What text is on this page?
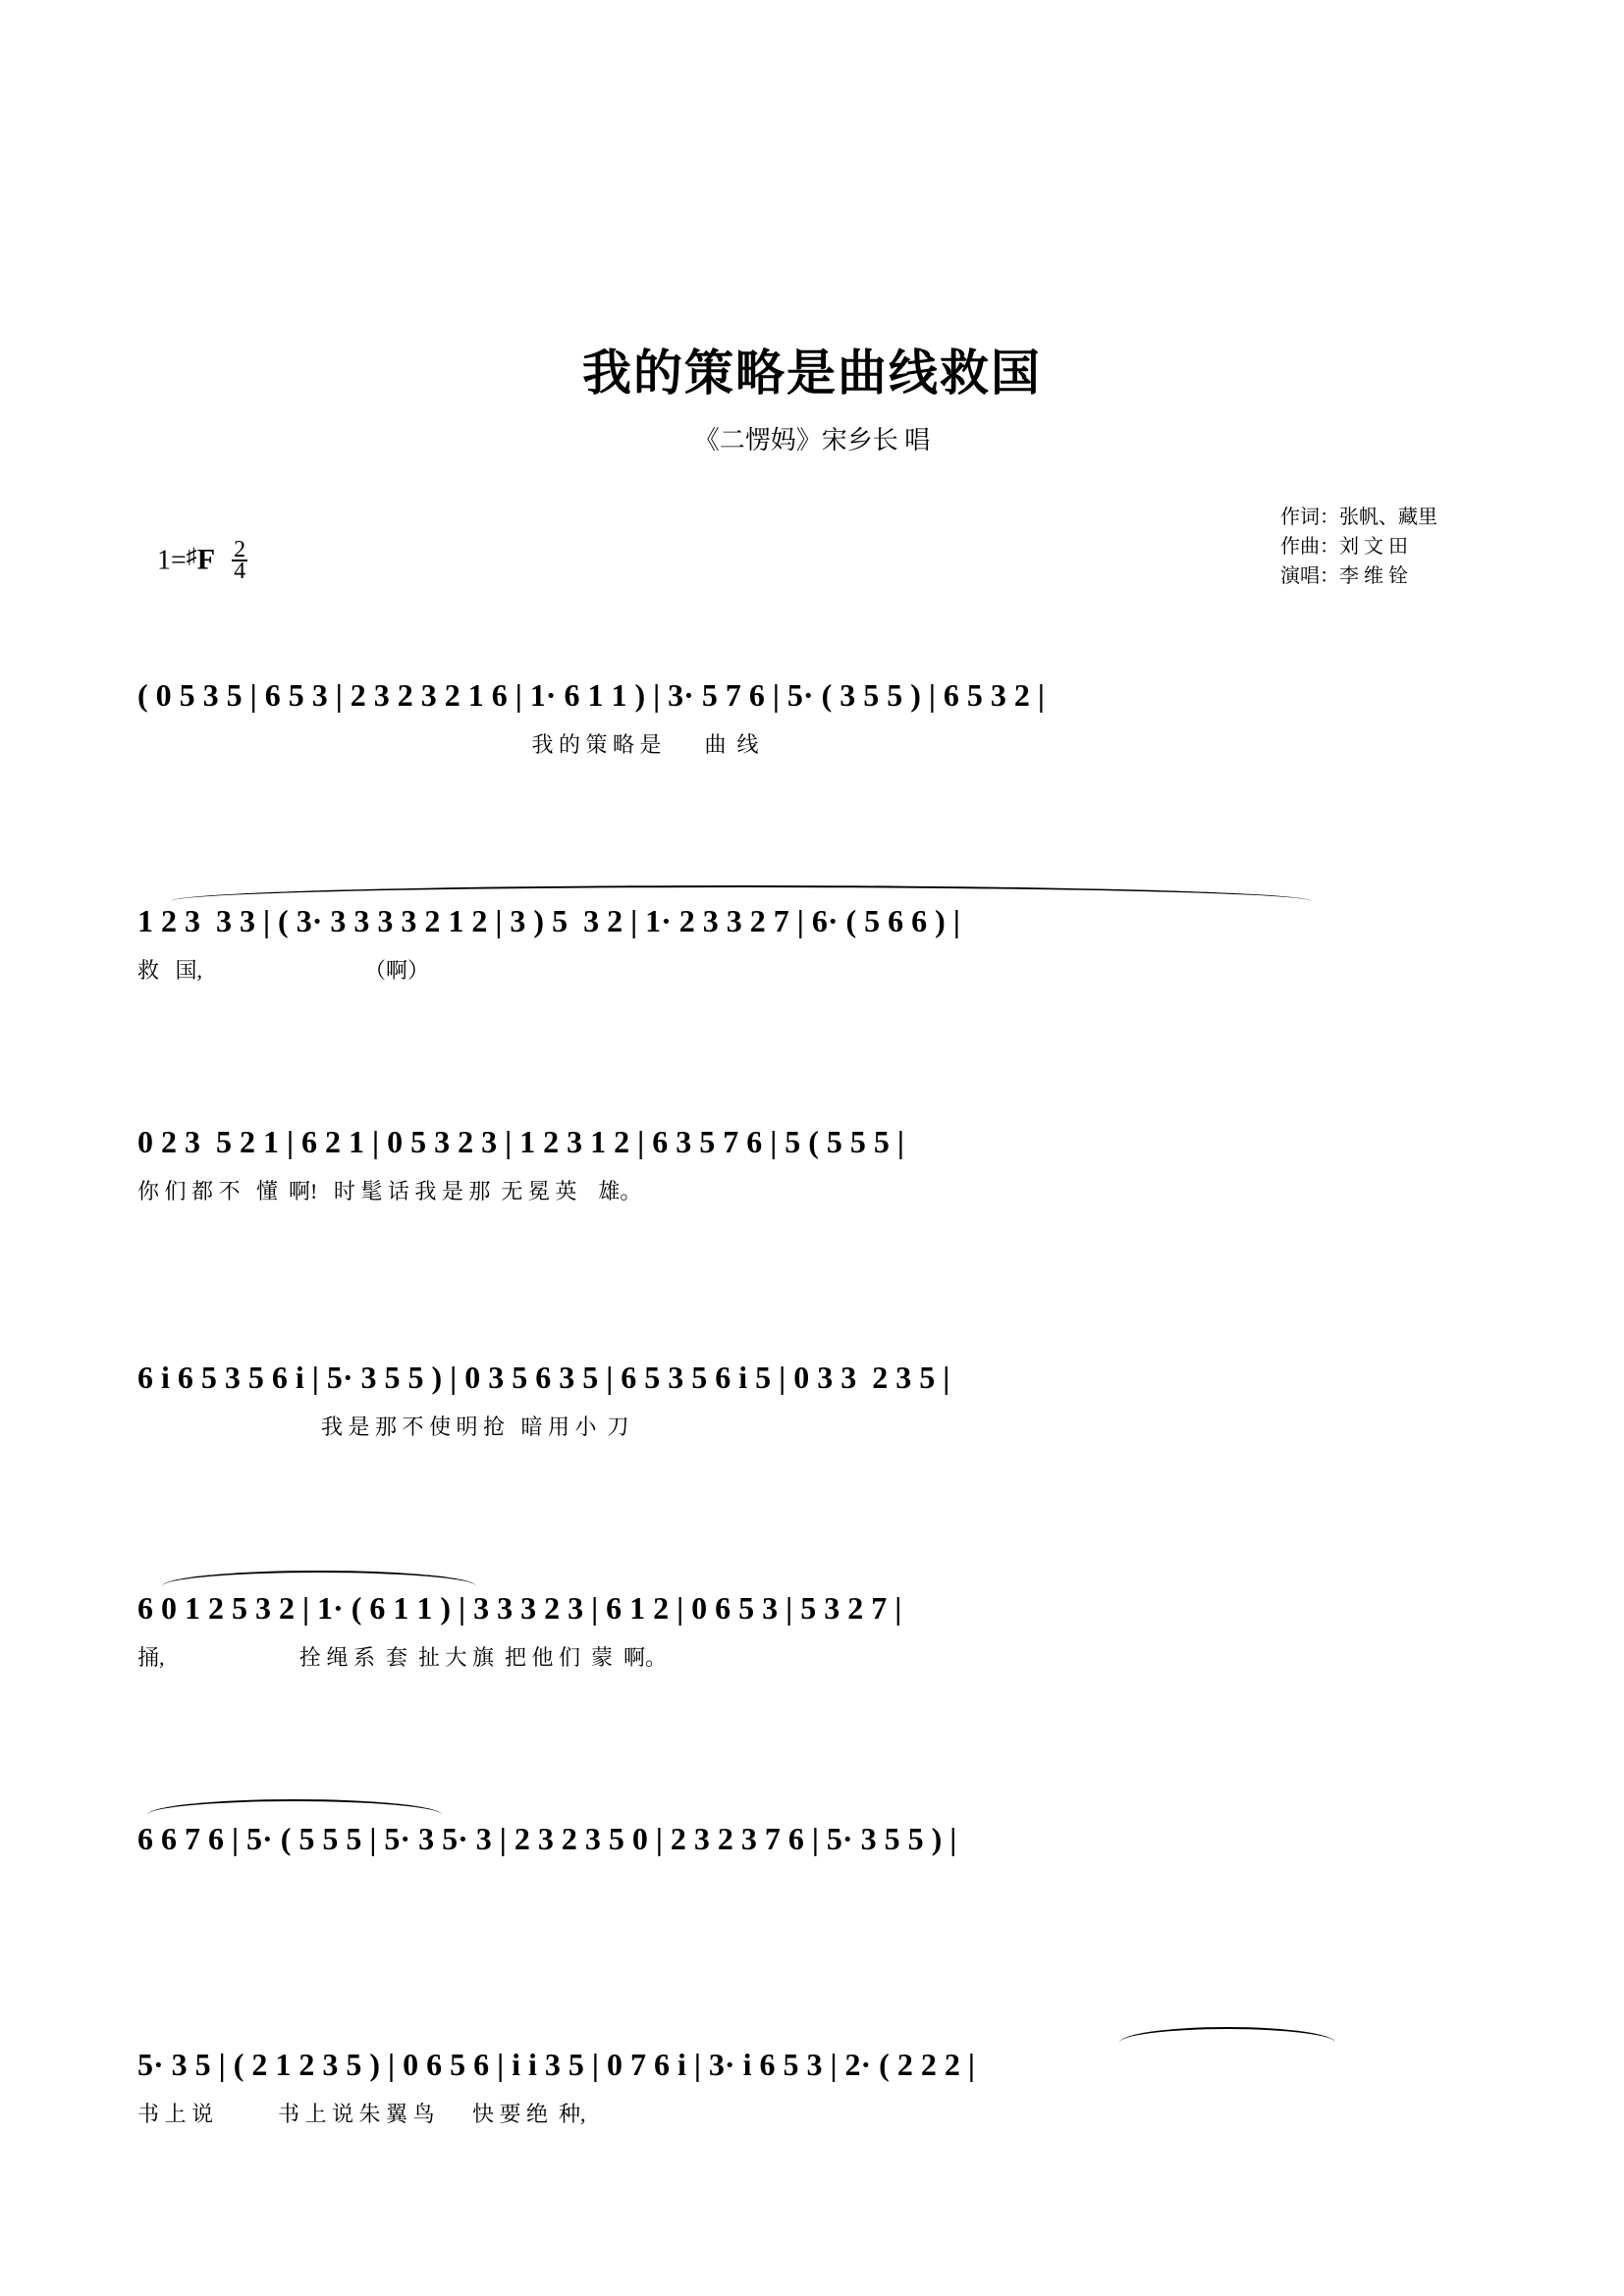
我的策略是曲线救国
《二愣妈》宋乡长 唱
作词：张帆、藏里
作曲：刘 文 田
演唱：李 维 铨
$1=^♯F \frac{2}{4}$
( 0 5 3 5 | 6 5 3 | 2 3 2 3 2 1 6 | 1· 6 1 1 ) | 3· 5 7 6 | 5· ( 3 5 5 ) | 6 5 3 2 |
我 的 策 略 是        曲  线
1 2 3  3 3 | ( 3· 3 3 3 3 2 1 2 | 3 ) 5  3 2 | 1· 2 3 3 2 7 | 6· ( 5 6 6 ) |
救   国,                              （啊）
0 2 3  5 2 1 | 6 2 1 | 0 5 3 2 3 | 1 2 3 1 2 | 6 3 5 7 6 | 5 ( 5 5 5 |
你 们 都 不   懂  啊!   时 髦 话 我 是 那  无 冕 英    雄。
6 i 6 5 3 5 6 i | 5· 3 5 5 ) | 0 3 5 6 3 5 | 6 5 3 5 6 i 5 | 0 3 3  2 3 5 |
我 是 那 不 使 明 抢   暗 用 小  刀
6 0 1 2 5 3 2 | 1· ( 6 1 1 ) | 3 3 3 2 3 | 6 1 2 | 0 6 5 3 | 5 3 2 7 |
捅,                         拴 绳 系  套  扯 大 旗  把 他 们  蒙  啊。
6 6 7 6 | 5· ( 5 5 5 | 5· 3 5· 3 | 2 3 2 3 5 0 | 2 3 2 3 7 6 | 5· 3 5 5 ) |
5· 3 5 | ( 2 1 2 3 5 ) | 0 6 5 6 | i i 3 5 | 0 7 6 i | 3· i 6 5 3 | 2· ( 2 2 2 |
书 上 说            书 上 说 朱 翼 鸟       快 要 绝  种,
